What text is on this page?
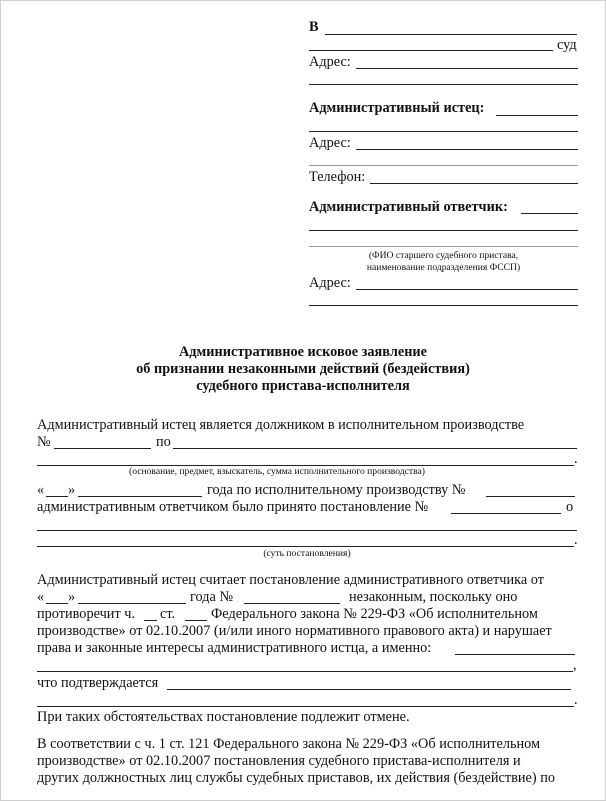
В
суд
Адрес:
Административный истец:
Адрес:
Телефон:
Административный ответчик:
(ФИО старшего судебного пристава,
наименование подразделения ФССП)
Адрес:
Административное исковое заявление
об признании незаконными действий (бездействия)
судебного пристава-исполнителя
Административный истец является должником в исполнительном производстве
№	по
.
(основание, предмет, взыскатель, сумма исполнительного производства)
« »	года по исполнительному производству №
административным ответчиком было принято постановление №	о
.
(суть постановления)
Административный истец считает постановление административного ответчика от
« »	года №	незаконным, поскольку оно
противоречит ч. ст.	Федерального закона № 229-ФЗ «Об исполнительном
производстве» от 02.10.2007 (и/или иного нормативного правового акта) и нарушает
права и законные интересы административного истца, а именно:
,
что подтверждается
.
При таких обстоятельствах постановление подлежит отмене.
В соответствии с ч. 1 ст. 121 Федерального закона № 229-ФЗ «Об исполнительном
производстве» от 02.10.2007 постановления судебного пристава-исполнителя и
других должностных лиц службы судебных приставов, их действия (бездействие) по
